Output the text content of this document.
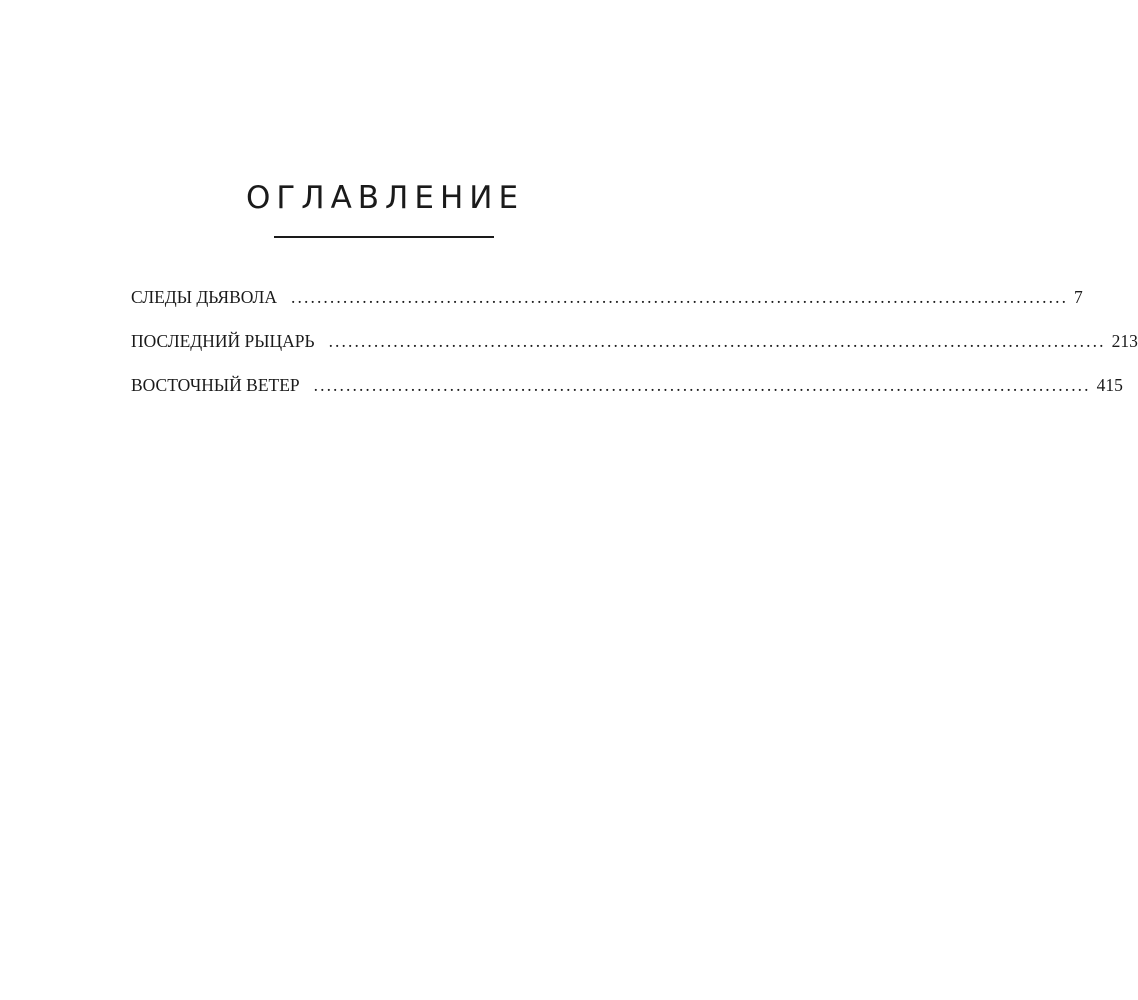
ОГЛАВЛЕНИЕ
СЛЕДЫ ДЬЯВОЛА ........................................................................................................................ 7
ПОСЛЕДНИЙ РЫЦАРЬ ........................................................................................................................ 213
ВОСТОЧНЫЙ ВЕТЕР ........................................................................................................................ 415
